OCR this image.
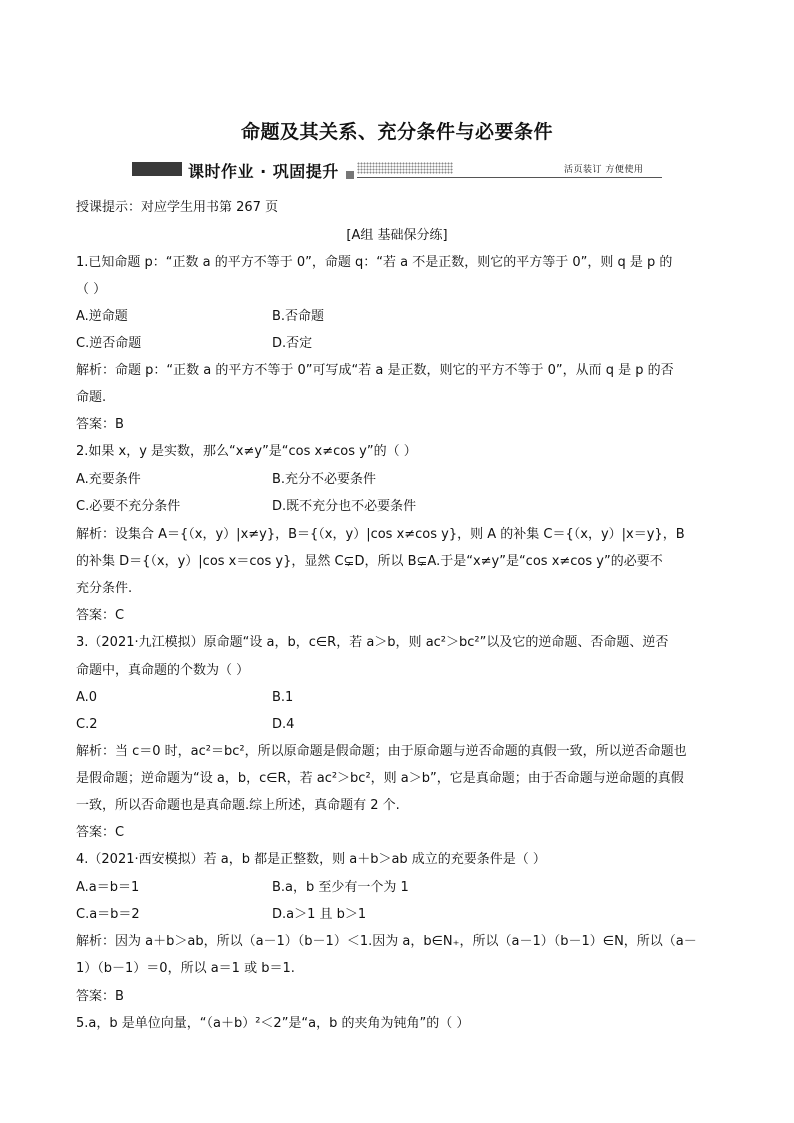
命题及其关系、充分条件与必要条件
课时作业 · 巩固提升	活页装订 方便使用
授课提示：对应学生用书第 267 页
[A组 基础保分练]
1.已知命题 p：“正数 a 的平方不等于 0”，命题 q：“若 a 不是正数，则它的平方等于 0”，则 q 是 p 的
（ ）
A.逆命题	B.否命题
C.逆否命题	D.否定
解析：命题 p：“正数 a 的平方不等于 0”可写成“若 a 是正数，则它的平方不等于 0”，从而 q 是 p 的否
命题.
答案：B
2.如果 x，y 是实数，那么“x≠y”是“cos x≠cos y”的（ ）
A.充要条件	B.充分不必要条件
C.必要不充分条件	D.既不充分也不必要条件
解析：设集合 A＝{（x，y）|x≠y}，B＝{（x，y）|cos x≠cos y}，则 A 的补集 C＝{（x，y）|x＝y}，B
的补集 D＝{（x，y）|cos x＝cos y}，显然 C⊊D，所以 B⊊A.于是“x≠y”是“cos x≠cos y”的必要不
充分条件.
答案：C
3.（2021·九江模拟）原命题“设 a，b，c∈R，若 a＞b，则 ac²＞bc²”以及它的逆命题、否命题、逆否
命题中，真命题的个数为（ ）
A.0	B.1
C.2	D.4
解析：当 c＝0 时，ac²＝bc²，所以原命题是假命题；由于原命题与逆否命题的真假一致，所以逆否命题也
是假命题；逆命题为“设 a，b，c∈R，若 ac²＞bc²，则 a＞b”，它是真命题；由于否命题与逆命题的真假
一致，所以否命题也是真命题.综上所述，真命题有 2 个.
答案：C
4.（2021·西安模拟）若 a，b 都是正整数，则 a＋b＞ab 成立的充要条件是（ ）
A.a＝b＝1	B.a，b 至少有一个为 1
C.a＝b＝2	D.a＞1 且 b＞1
解析：因为 a＋b＞ab，所以（a－1）（b－1）＜1.因为 a，b∈N₊，所以（a－1）（b－1）∈N，所以（a－
1）（b－1）＝0，所以 a＝1 或 b＝1.
答案：B
5.a，b 是单位向量，“（a＋b）²＜2”是“a，b 的夹角为钝角”的（ ）
